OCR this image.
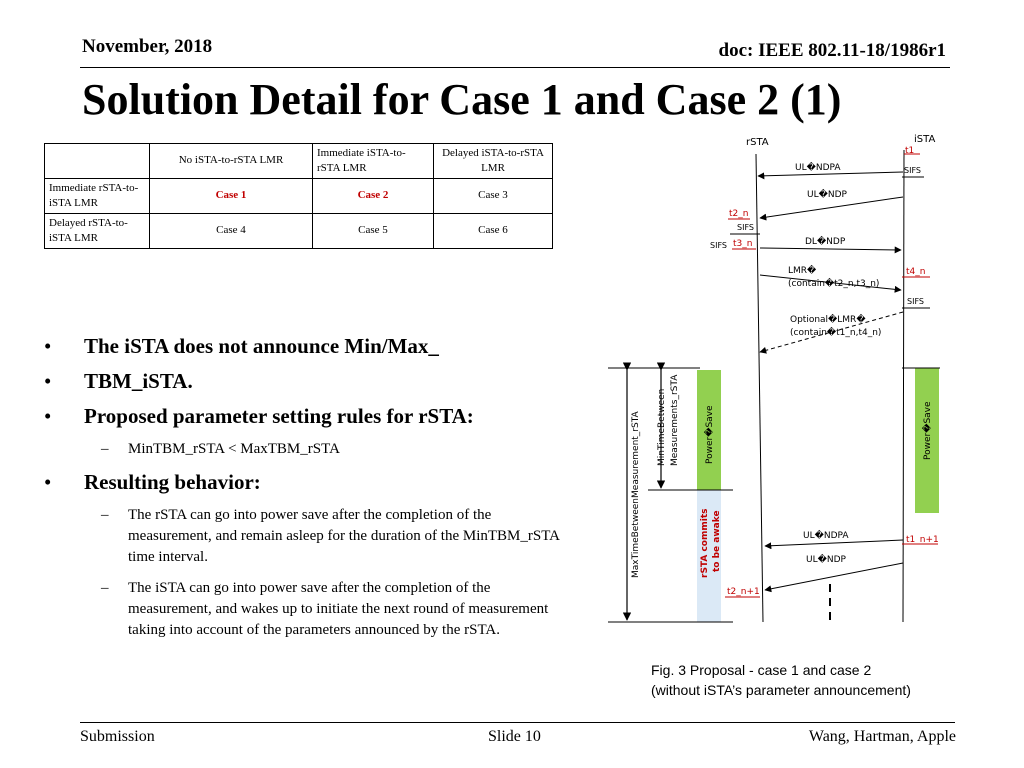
November, 2018	doc: IEEE 802.11-18/1986r1
Solution Detail for Case 1 and Case 2 (1)
	No iSTA-to-rSTA LMR	Immediate iSTA-to-rSTA LMR	Delayed iSTA-to-rSTA LMR
Immediate rSTA-to-iSTA LMR	Case 1	Case 2	Case 3
Delayed rSTA-to-iSTA LMR	Case 4	Case 5	Case 6
• The iSTA does not announce Min/Max_
• TBM_iSTA.
• Proposed parameter setting rules for rSTA:
– MinTBM_rSTA < MaxTBM_rSTA
• Resulting behavior:
– The rSTA can go into power save after the completion of the measurement, and remain asleep for the duration of the MinTBM_rSTA time interval.
– The iSTA can go into power save after the completion of the measurement, and wakes up to initiate the next round of measurement taking into account of the parameters announced by the rSTA.
rSTA	iSTA
t1
UL�NDPA	SIFS
UL�NDP
t2_n
SIFS
SIFS t3_n	DL�NDP
LMR�
(contain�t2_n,t3_n)
t4_n
SIFS
Optional�LMR�
(contain�t1_n,t4_n)
MinTimeBetween Measurements_rSTA
MaxTimeBetweenMeasurement_rSTA	Power�Save	Power�Save
rSTA commits to be awake	UL�NDPA
UL�NDP
t1_n+1
t2_n+1
Fig. 3 Proposal - case 1 and case 2
(without iSTA’s parameter announcement)
Submission	Slide 10	Wang, Hartman, Apple
